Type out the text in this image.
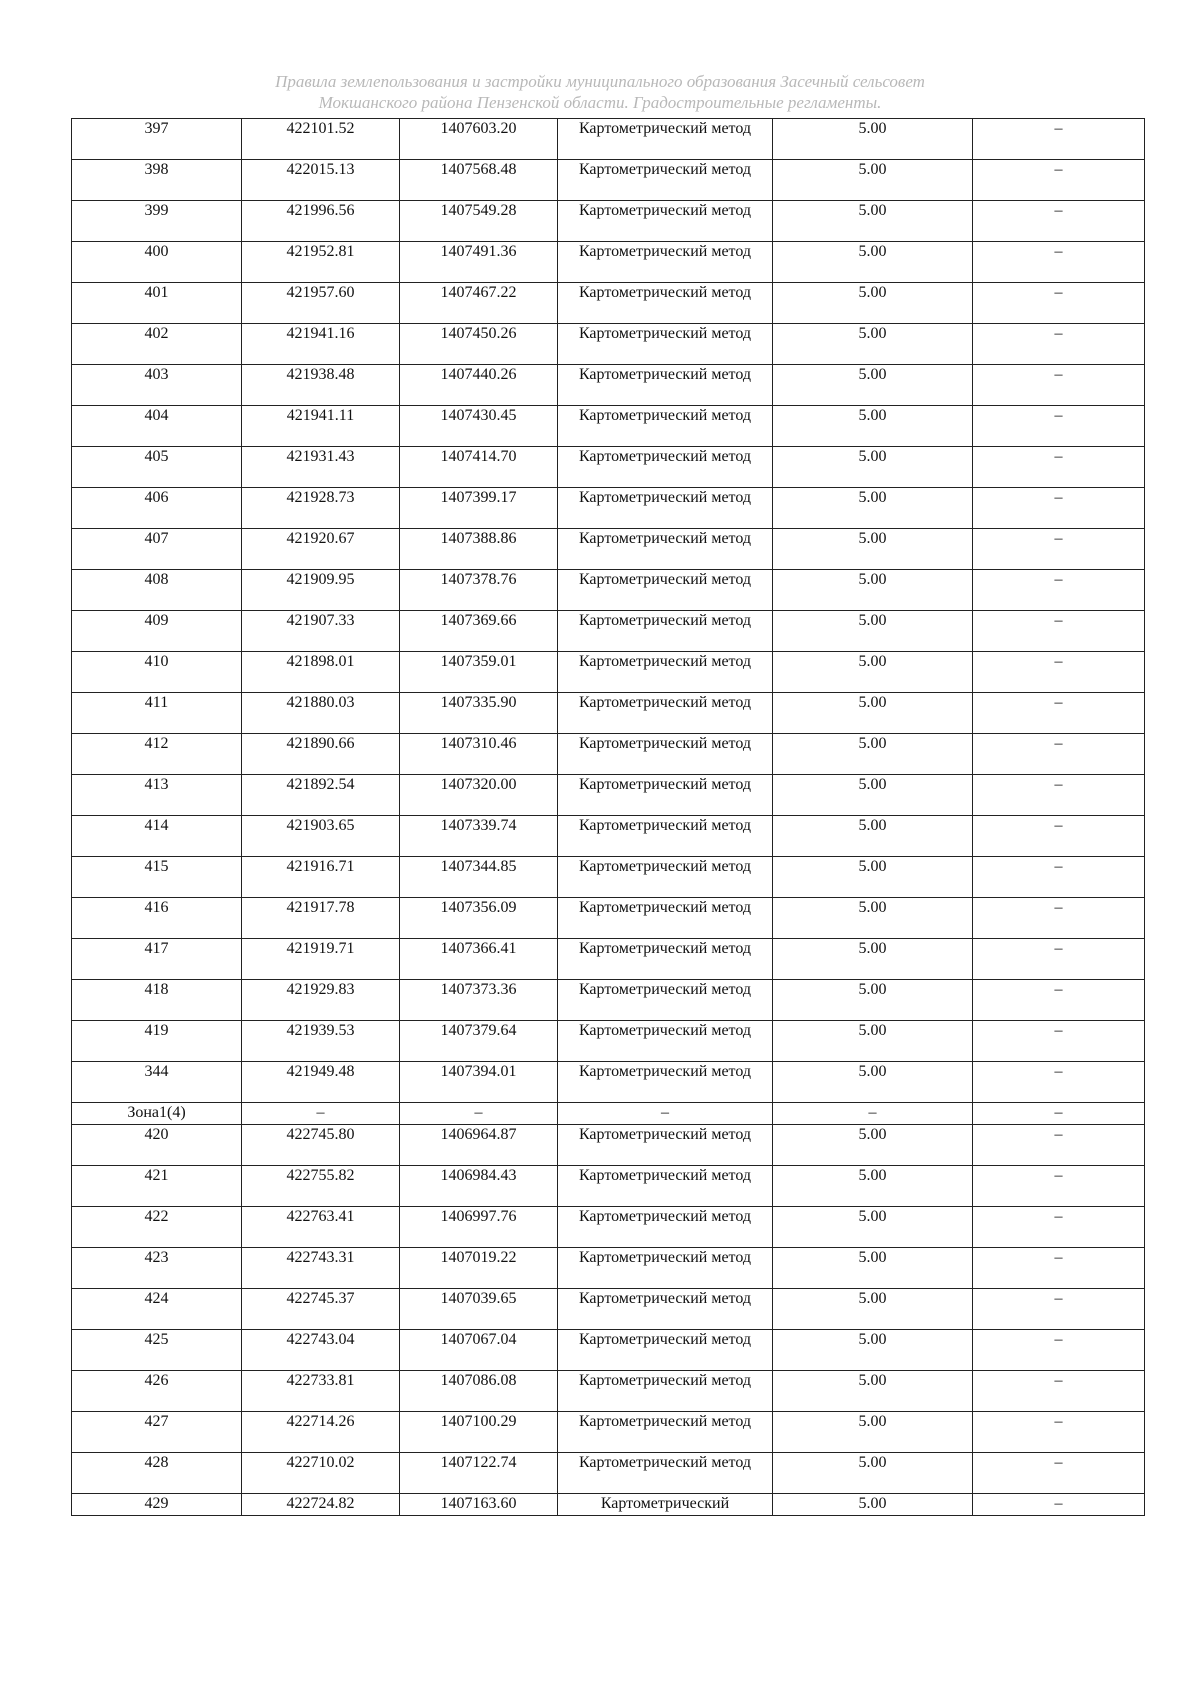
Правила землепользования и застройки муниципального образования Засечный сельсовет
Мокшанского района Пензенской области. Градостроительные регламенты.
397	422101.52	1407603.20	Картометрический метод	5.00	–
398	422015.13	1407568.48	Картометрический метод	5.00	–
399	421996.56	1407549.28	Картометрический метод	5.00	–
400	421952.81	1407491.36	Картометрический метод	5.00	–
401	421957.60	1407467.22	Картометрический метод	5.00	–
402	421941.16	1407450.26	Картометрический метод	5.00	–
403	421938.48	1407440.26	Картометрический метод	5.00	–
404	421941.11	1407430.45	Картометрический метод	5.00	–
405	421931.43	1407414.70	Картометрический метод	5.00	–
406	421928.73	1407399.17	Картометрический метод	5.00	–
407	421920.67	1407388.86	Картометрический метод	5.00	–
408	421909.95	1407378.76	Картометрический метод	5.00	–
409	421907.33	1407369.66	Картометрический метод	5.00	–
410	421898.01	1407359.01	Картометрический метод	5.00	–
411	421880.03	1407335.90	Картометрический метод	5.00	–
412	421890.66	1407310.46	Картометрический метод	5.00	–
413	421892.54	1407320.00	Картометрический метод	5.00	–
414	421903.65	1407339.74	Картометрический метод	5.00	–
415	421916.71	1407344.85	Картометрический метод	5.00	–
416	421917.78	1407356.09	Картометрический метод	5.00	–
417	421919.71	1407366.41	Картометрический метод	5.00	–
418	421929.83	1407373.36	Картометрический метод	5.00	–
419	421939.53	1407379.64	Картометрический метод	5.00	–
344	421949.48	1407394.01	Картометрический метод	5.00	–
Зона1(4)	–	–	–	–	–
420	422745.80	1406964.87	Картометрический метод	5.00	–
421	422755.82	1406984.43	Картометрический метод	5.00	–
422	422763.41	1406997.76	Картометрический метод	5.00	–
423	422743.31	1407019.22	Картометрический метод	5.00	–
424	422745.37	1407039.65	Картометрический метод	5.00	–
425	422743.04	1407067.04	Картометрический метод	5.00	–
426	422733.81	1407086.08	Картометрический метод	5.00	–
427	422714.26	1407100.29	Картометрический метод	5.00	–
428	422710.02	1407122.74	Картометрический метод	5.00	–
429	422724.82	1407163.60	Картометрический	5.00	–
